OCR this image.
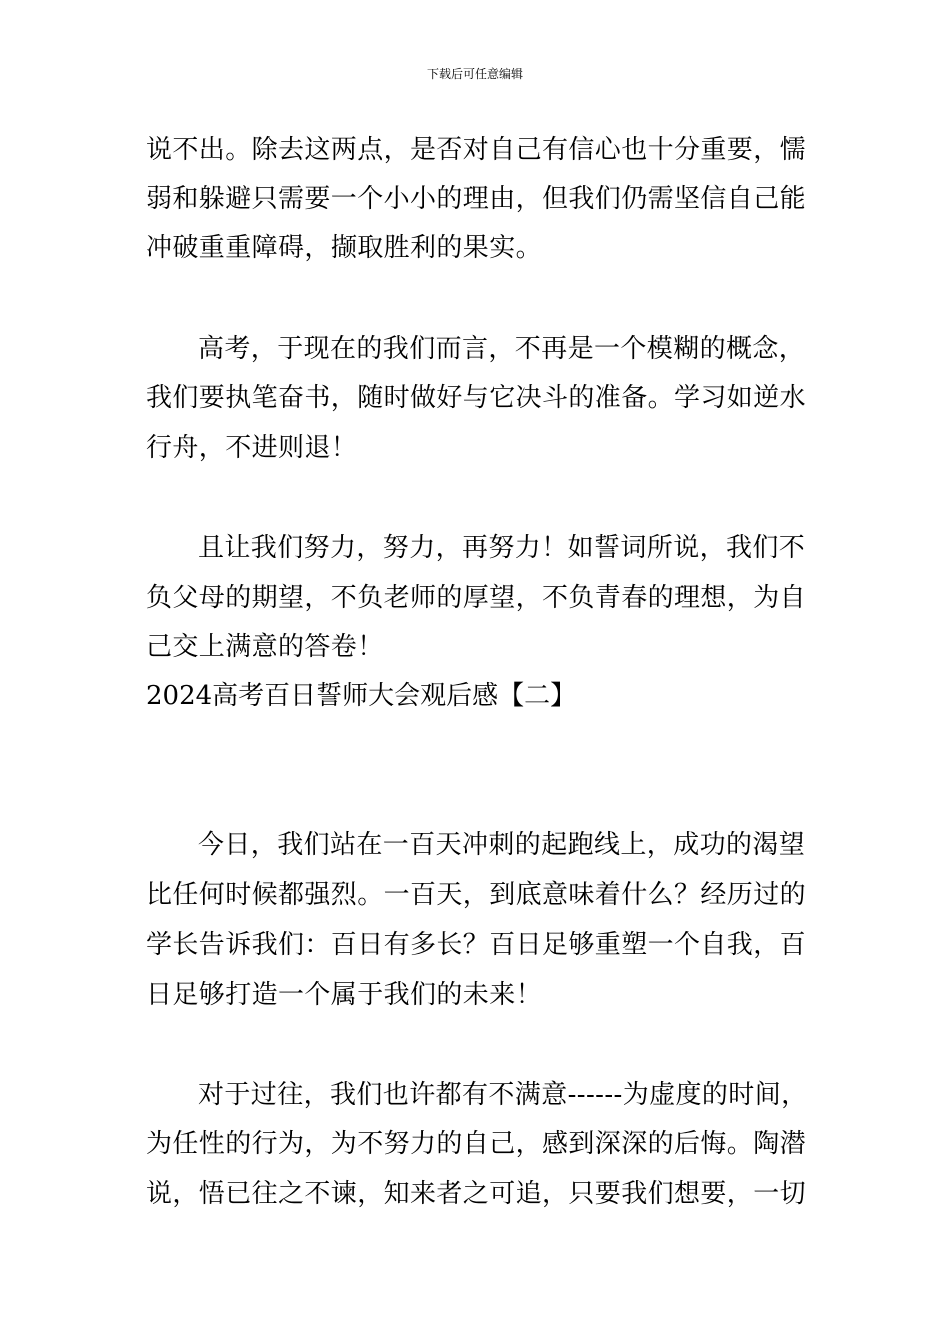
下载后可任意编辑
说不出。除去这两点，是否对自己有信心也十分重要，懦
弱和躲避只需要一个小小的理由，但我们仍需坚信自己能
冲破重重障碍，撷取胜利的果实。
高考，于现在的我们而言，不再是一个模糊的概念，
我们要执笔奋书，随时做好与它决斗的准备。学习如逆水
行舟，不进则退！
且让我们努力，努力，再努力！如誓词所说，我们不
负父母的期望，不负老师的厚望，不负青春的理想，为自
己交上满意的答卷！
2024高考百日誓师大会观后感【二】
今日，我们站在一百天冲刺的起跑线上，成功的渴望
比任何时候都强烈。一百天，到底意味着什么？经历过的
学长告诉我们：百日有多长？百日足够重塑一个自我，百
日足够打造一个属于我们的未来！
对于过往，我们也许都有不满意------为虚度的时间，
为任性的行为，为不努力的自己，感到深深的后悔。陶潜
说，悟已往之不谏，知来者之可追，只要我们想要，一切
